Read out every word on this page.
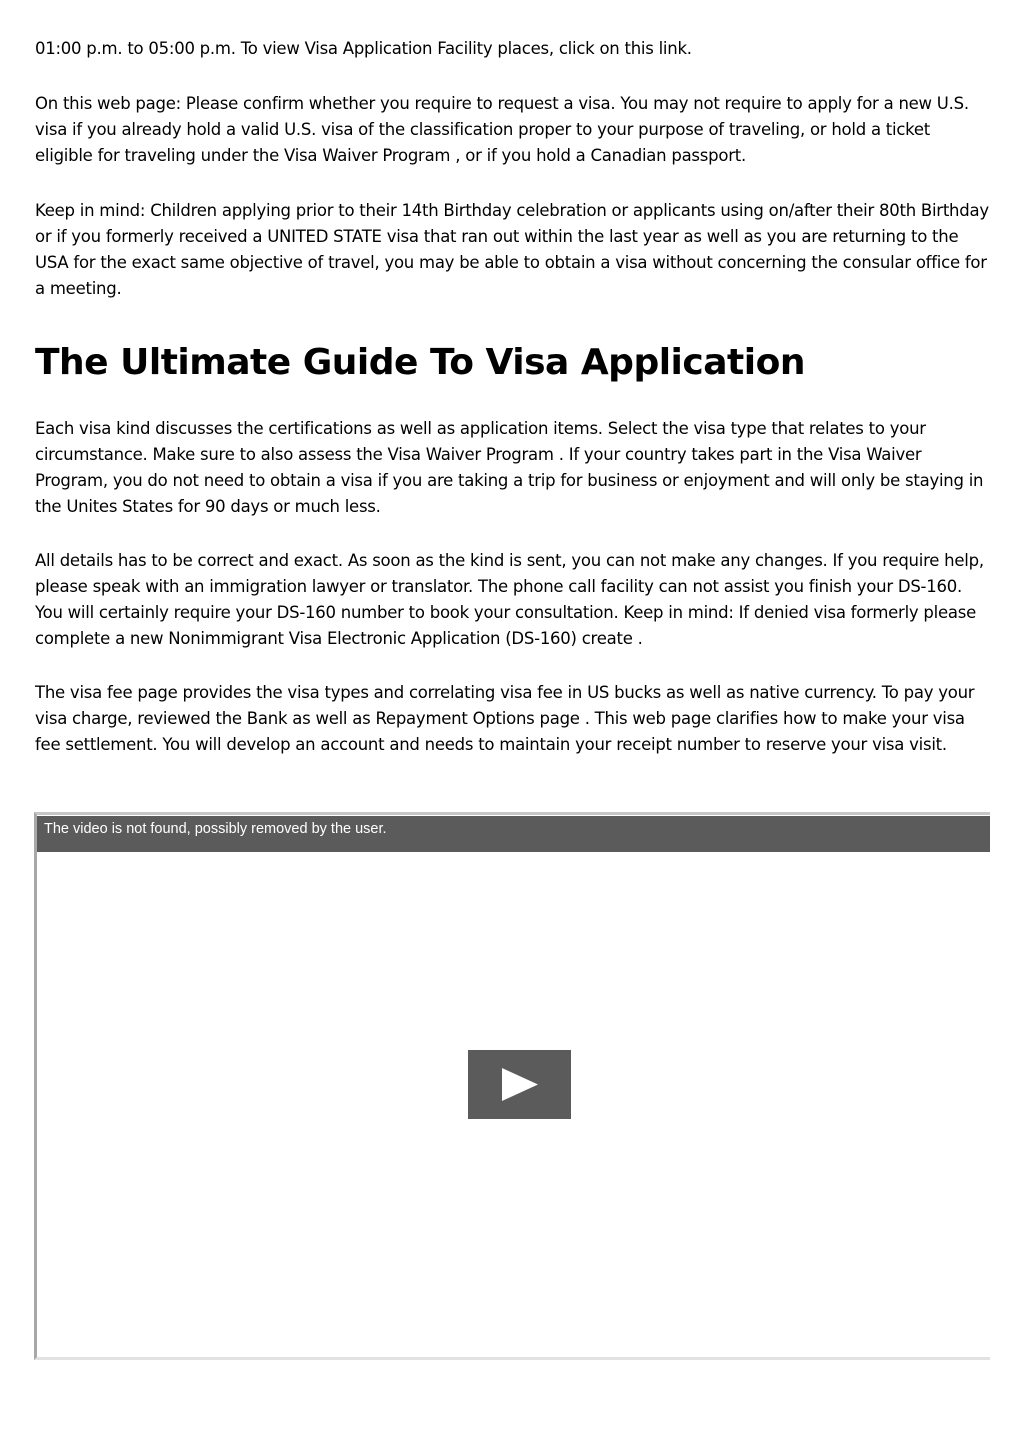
01:00 p.m. to 05:00 p.m. To view Visa Application Facility places, click on this link.

On this web page: Please confirm whether you require to request a visa. You may not require to apply for a new U.S. visa if you already hold a valid U.S. visa of the classification proper to your purpose of traveling, or hold a ticket eligible for traveling under the Visa Waiver Program , or if you hold a Canadian passport.

Keep in mind: Children applying prior to their 14th Birthday celebration or applicants using on/after their 80th Birthday or if you formerly received a UNITED STATE visa that ran out within the last year as well as you are returning to the USA for the exact same objective of travel, you may be able to obtain a visa without concerning the consular office for a meeting.

The Ultimate Guide To Visa Application

Each visa kind discusses the certifications as well as application items. Select the visa type that relates to your circumstance. Make sure to also assess the Visa Waiver Program . If your country takes part in the Visa Waiver Program, you do not need to obtain a visa if you are taking a trip for business or enjoyment and will only be staying in the Unites States for 90 days or much less.

All details has to be correct and exact. As soon as the kind is sent, you can not make any changes. If you require help, please speak with an immigration lawyer or translator. The phone call facility can not assist you finish your DS-160. You will certainly require your DS-160 number to book your consultation. Keep in mind: If denied visa formerly please complete a new Nonimmigrant Visa Electronic Application (DS-160) create .

The visa fee page provides the visa types and correlating visa fee in US bucks as well as native currency. To pay your visa charge, reviewed the Bank as well as Repayment Options page . This web page clarifies how to make your visa fee settlement. You will develop an account and needs to maintain your receipt number to reserve your visa visit.

The video is not found, possibly removed by the user.
